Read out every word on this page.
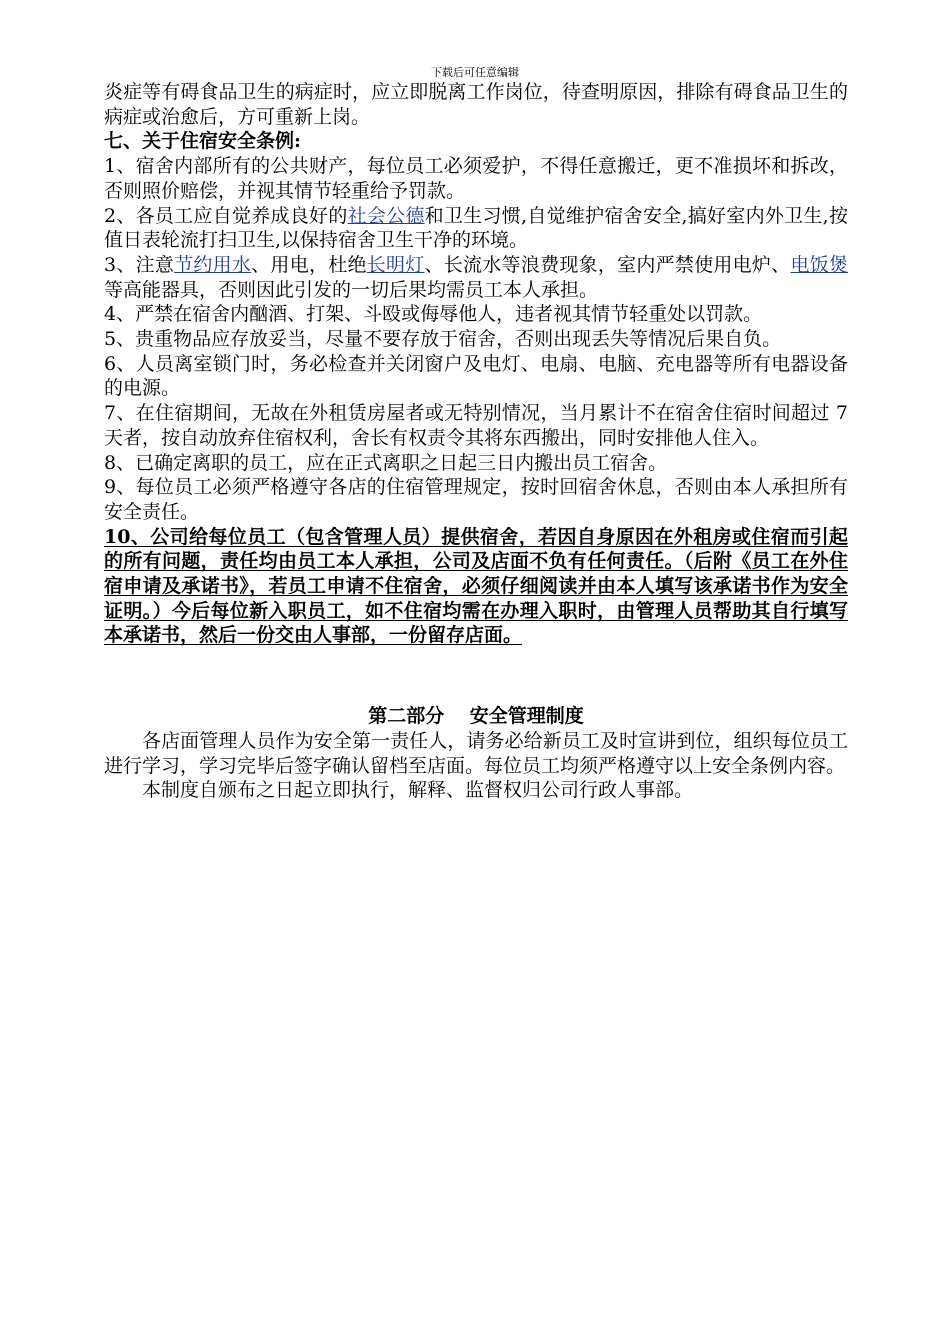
下载后可任意编辑

炎症等有碍食品卫生的病症时，应立即脱离工作岗位，待查明原因，排除有碍食品卫生的病症或治愈后，方可重新上岗。

七、关于住宿安全条例:

1、宿舍内部所有的公共财产，每位员工必须爱护，不得任意搬迁，更不准损坏和拆改，否则照价赔偿，并视其情节轻重给予罚款。

2、各员工应自觉养成良好的社会公德和卫生习惯,自觉维护宿舍安全,搞好室内外卫生,按值日表轮流打扫卫生,以保持宿舍卫生干净的环境。

3、注意节约用水、用电，杜绝长明灯、长流水等浪费现象，室内严禁使用电炉、电饭煲等高能器具，否则因此引发的一切后果均需员工本人承担。

4、严禁在宿舍内酗酒、打架、斗殴或侮辱他人，违者视其情节轻重处以罚款。

5、贵重物品应存放妥当，尽量不要存放于宿舍，否则出现丢失等情况后果自负。

6、人员离室锁门时，务必检查并关闭窗户及电灯、电扇、电脑、充电器等所有电器设备的电源。

7、在住宿期间，无故在外租赁房屋者或无特别情况，当月累计不在宿舍住宿时间超过 7 天者，按自动放弃住宿权利，舍长有权责令其将东西搬出，同时安排他人住入。

8、已确定离职的员工，应在正式离职之日起三日内搬出员工宿舍。

9、每位员工必须严格遵守各店的住宿管理规定，按时回宿舍休息，否则由本人承担所有安全责任。

10、公司给每位员工（包含管理人员）提供宿舍，若因自身原因在外租房或住宿而引起的所有问题，责任均由员工本人承担，公司及店面不负有任何责任。（后附《员工在外住宿申请及承诺书》，若员工申请不住宿舍，必须仔细阅读并由本人填写该承诺书作为安全证明。）今后每位新入职员工，如不住宿均需在办理入职时，由管理人员帮助其自行填写本承诺书，然后一份交由人事部，一份留存店面。

第二部分　 安全管理制度

各店面管理人员作为安全第一责任人，请务必给新员工及时宣讲到位，组织每位员工进行学习，学习完毕后签字确认留档至店面。每位员工均须严格遵守以上安全条例内容。

本制度自颁布之日起立即执行，解释、监督权归公司行政人事部。
